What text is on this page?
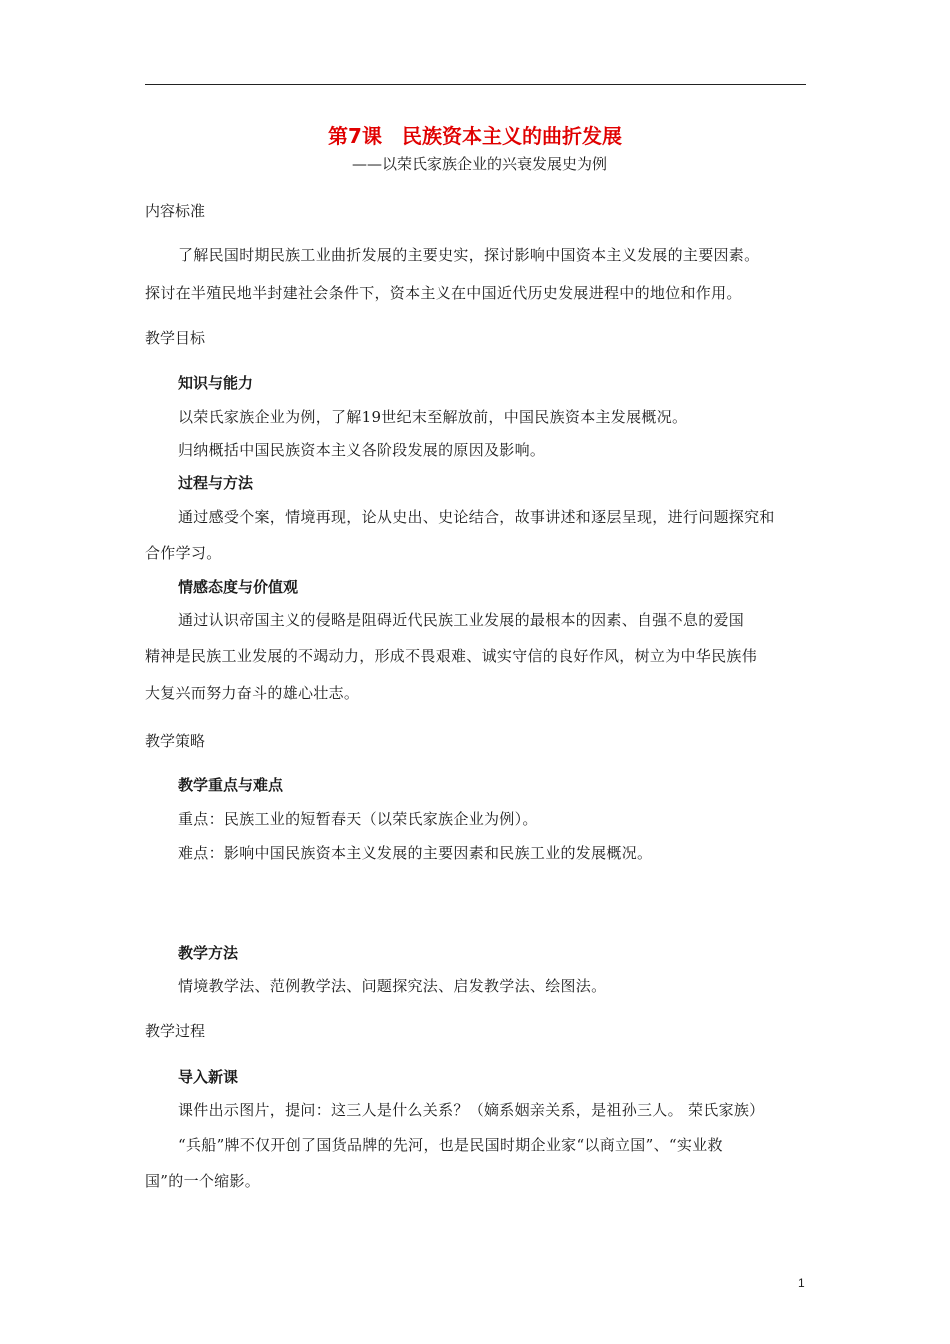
第7课　民族资本主义的曲折发展
——以荣氏家族企业的兴衰发展史为例
内容标准
了解民国时期民族工业曲折发展的主要史实，探讨影响中国资本主义发展的主要因素。
探讨在半殖民地半封建社会条件下，资本主义在中国近代历史发展进程中的地位和作用。
教学目标
知识与能力
以荣氏家族企业为例，了解19世纪末至解放前，中国民族资本主发展概况。
归纳概括中国民族资本主义各阶段发展的原因及影响。
过程与方法
通过感受个案，情境再现，论从史出、史论结合，故事讲述和逐层呈现，进行问题探究和
合作学习。
情感态度与价值观
通过认识帝国主义的侵略是阻碍近代民族工业发展的最根本的因素、自强不息的爱国
精神是民族工业发展的不竭动力，形成不畏艰难、诚实守信的良好作风，树立为中华民族伟
大复兴而努力奋斗的雄心壮志。
教学策略
教学重点与难点
重点：民族工业的短暂春天（以荣氏家族企业为例）。
难点：影响中国民族资本主义发展的主要因素和民族工业的发展概况。
教学方法
情境教学法、范例教学法、问题探究法、启发教学法、绘图法。
教学过程
导入新课
课件出示图片，提问：这三人是什么关系？（嫡系姻亲关系，是祖孙三人。 荣氏家族）
“兵船”牌不仅开创了国货品牌的先河，也是民国时期企业家“以商立国”、“实业救
国”的一个缩影。
1
